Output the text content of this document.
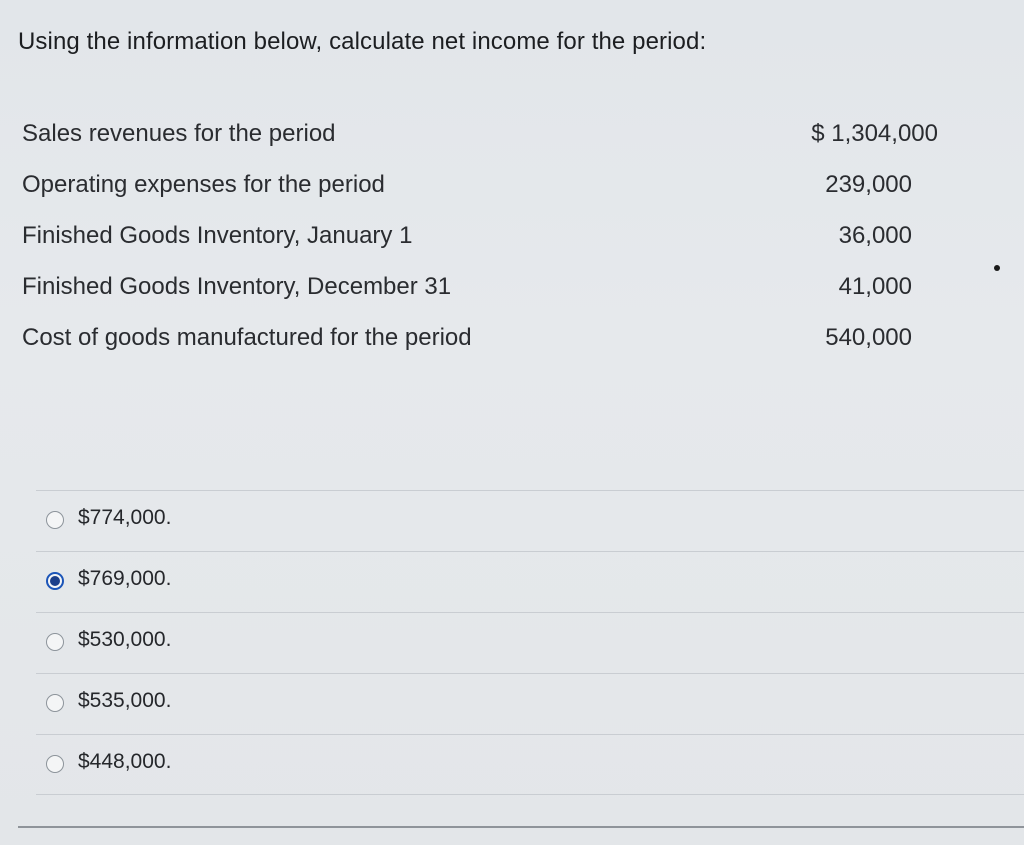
Using the information below, calculate net income for the period:
Sales revenues for the period	$ 1,304,000
Operating expenses for the period	239,000
Finished Goods Inventory, January 1	36,000
Finished Goods Inventory, December 31	41,000
Cost of goods manufactured for the period	540,000
$774,000.
$769,000.
$530,000.
$535,000.
$448,000.
